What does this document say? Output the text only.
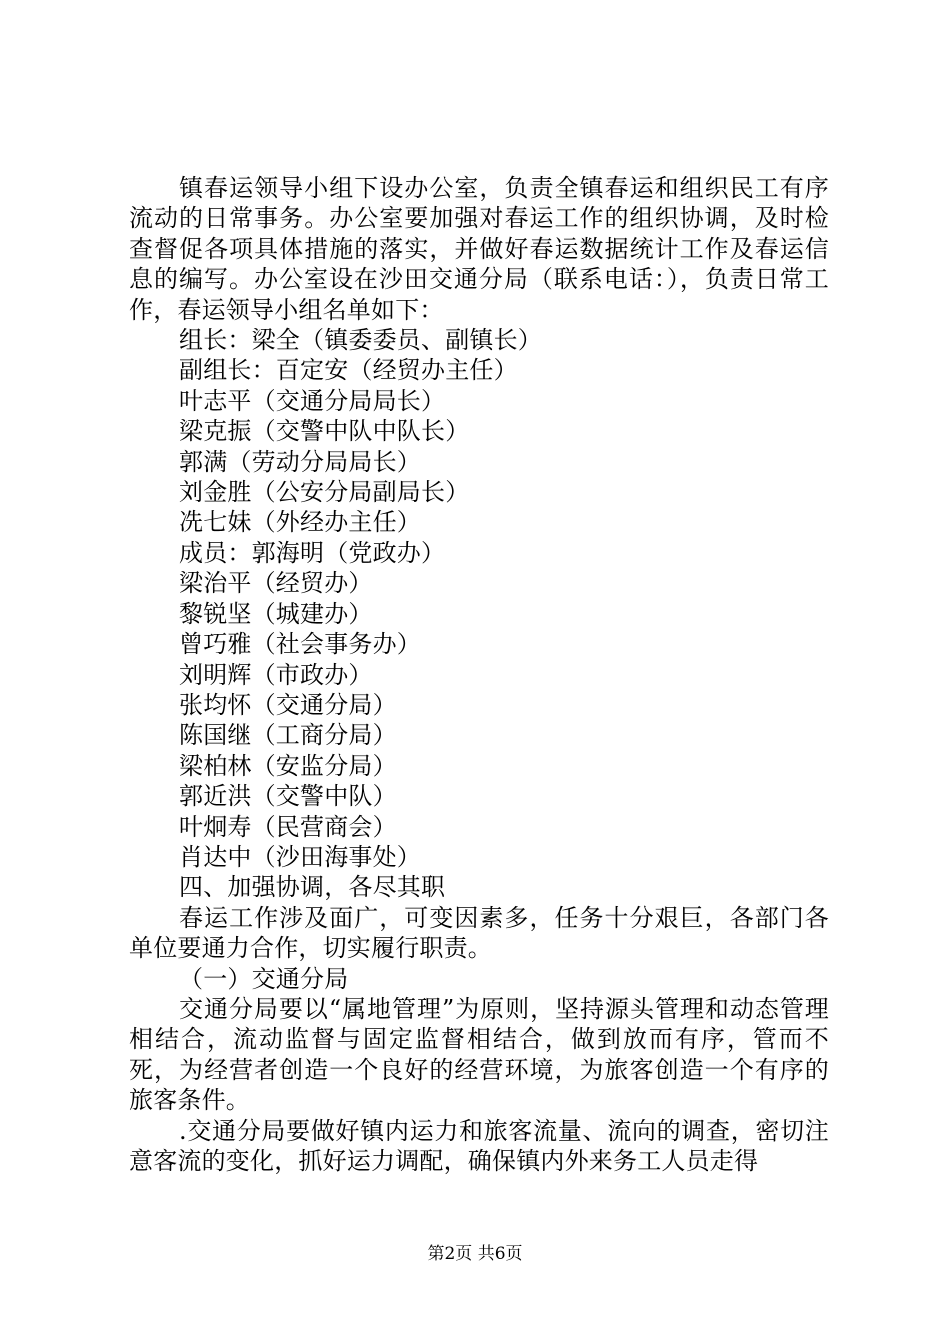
镇春运领导小组下设办公室，负责全镇春运和组织民工有序流动的日常事务。办公室要加强对春运工作的组织协调，及时检查督促各项具体措施的落实，并做好春运数据统计工作及春运信息的编写。办公室设在沙田交通分局（联系电话：），负责日常工作，春运领导小组名单如下：

组长：梁全（镇委委员、副镇长）

副组长：百定安（经贸办主任）

叶志平（交通分局局长）

梁克振（交警中队中队长）

郭满（劳动分局局长）

刘金胜（公安分局副局长）

冼七妹（外经办主任）

成员：郭海明（党政办）

梁治平（经贸办）

黎锐坚（城建办）

曾巧雅（社会事务办）

刘明辉（市政办）

张均怀（交通分局）

陈国继（工商分局）

梁柏林（安监分局）

郭近洪（交警中队）

叶炯寿（民营商会）

肖达中（沙田海事处）

四、加强协调，各尽其职

春运工作涉及面广，可变因素多，任务十分艰巨，各部门各单位要通力合作，切实履行职责。

（一）交通分局

交通分局要以“属地管理”为原则，坚持源头管理和动态管理相结合，流动监督与固定监督相结合，做到放而有序，管而不死，为经营者创造一个良好的经营环境，为旅客创造一个有序的旅客条件。

.交通分局要做好镇内运力和旅客流量、流向的调查，密切注意客流的变化，抓好运力调配，确保镇内外来务工人员走得

第2页 共6页
